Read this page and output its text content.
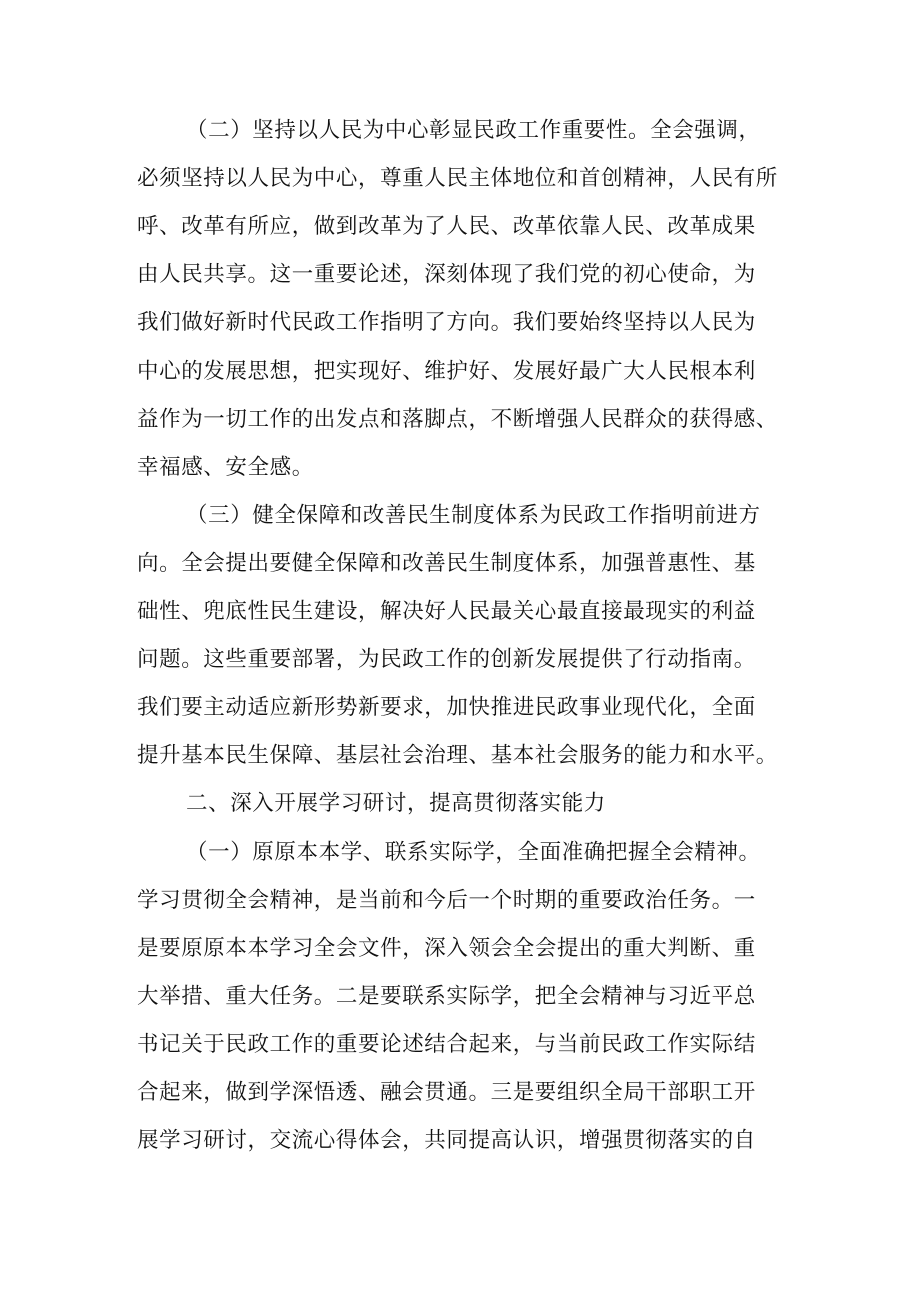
（二）坚持以人民为中心彰显民政工作重要性。全会强调，
必须坚持以人民为中心，尊重人民主体地位和首创精神，人民有所
呼、改革有所应，做到改革为了人民、改革依靠人民、改革成果
由人民共享。这一重要论述，深刻体现了我们党的初心使命，为
我们做好新时代民政工作指明了方向。我们要始终坚持以人民为
中心的发展思想，把实现好、维护好、发展好最广大人民根本利
益作为一切工作的出发点和落脚点，不断增强人民群众的获得感、
幸福感、安全感。
（三）健全保障和改善民生制度体系为民政工作指明前进方
向。全会提出要健全保障和改善民生制度体系，加强普惠性、基
础性、兜底性民生建设，解决好人民最关心最直接最现实的利益
问题。这些重要部署，为民政工作的创新发展提供了行动指南。
我们要主动适应新形势新要求，加快推进民政事业现代化，全面
提升基本民生保障、基层社会治理、基本社会服务的能力和水平。
二、深入开展学习研讨，提高贯彻落实能力
（一）原原本本学、联系实际学，全面准确把握全会精神。
学习贯彻全会精神，是当前和今后一个时期的重要政治任务。一
是要原原本本学习全会文件，深入领会全会提出的重大判断、重
大举措、重大任务。二是要联系实际学，把全会精神与习近平总
书记关于民政工作的重要论述结合起来，与当前民政工作实际结
合起来，做到学深悟透、融会贯通。三是要组织全局干部职工开
展学习研讨，交流心得体会，共同提高认识，增强贯彻落实的自
